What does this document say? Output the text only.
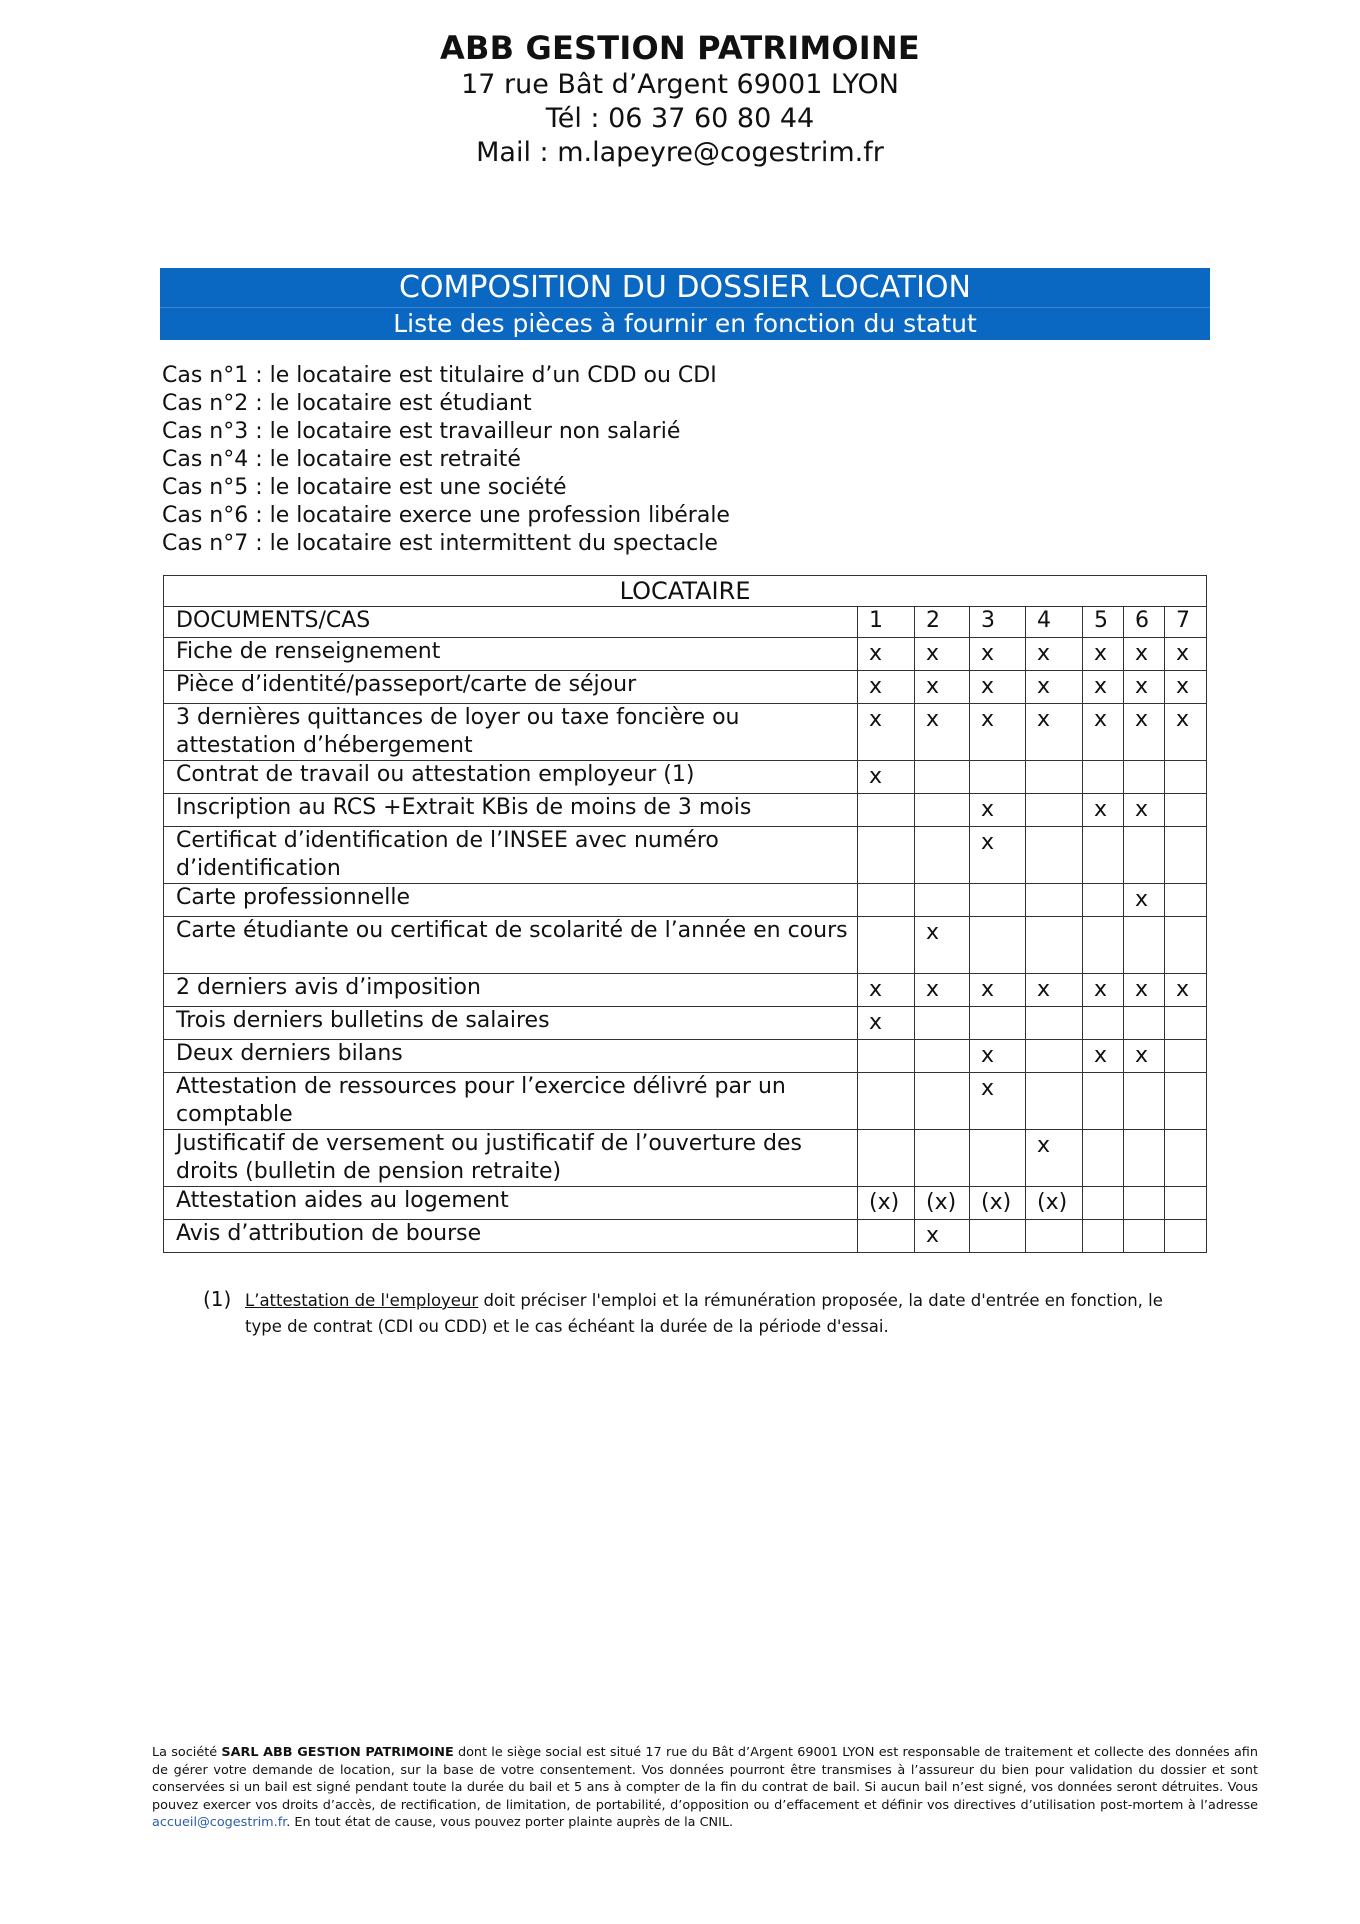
ABB GESTION PATRIMOINE
17 rue Bât d’Argent 69001 LYON
Tél : 06 37 60 80 44
Mail : m.lapeyre@cogestrim.fr
COMPOSITION DU DOSSIER LOCATION
Liste des pièces à fournir en fonction du statut
Cas n°1 : le locataire est titulaire d’un CDD ou CDI
Cas n°2 : le locataire est étudiant
Cas n°3 : le locataire est travailleur non salarié
Cas n°4 : le locataire est retraité
Cas n°5 : le locataire est une société
Cas n°6 : le locataire exerce une profession libérale
Cas n°7 : le locataire est intermittent du spectacle
LOCATAIRE							
DOCUMENTS/CAS	1	2	3	4	5	6	7
Fiche de renseignement	x	x	x	x	x	x	x
Pièce d’identité/passeport/carte de séjour	x	x	x	x	x	x	x
3 dernières quittances de loyer ou taxe foncière ou attestation d’hébergement	x	x	x	x	x	x	x
Contrat de travail ou attestation employeur (1)	x						
Inscription au RCS +Extrait KBis de moins de 3 mois			x		x	x	
Certificat d’identification de l’INSEE avec numéro d’identification			x				
Carte professionnelle						x	
Carte étudiante ou certificat de scolarité de l’année en cours		x					
2 derniers avis d’imposition	x	x	x	x	x	x	x
Trois derniers bulletins de salaires	x						
Deux derniers bilans			x		x	x	
Attestation de ressources pour l’exercice délivré par un comptable			x				
Justificatif de versement ou justificatif de l’ouverture des droits (bulletin de pension retraite)				x			
Attestation aides au logement	(x)	(x)	(x)	(x)			
Avis d’attribution de bourse		x					
(1) L’attestation de l'employeur doit préciser l'emploi et la rémunération proposée, la date d'entrée en fonction, le type de contrat (CDI ou CDD) et le cas échéant la durée de la période d'essai.
La société SARL ABB GESTION PATRIMOINE dont le siège social est situé 17 rue du Bât d’Argent 69001 LYON est responsable de traitement et collecte des données afin de gérer votre demande de location, sur la base de votre consentement. Vos données pourront être transmises à l’assureur du bien pour validation du dossier et sont conservées si un bail est signé pendant toute la durée du bail et 5 ans à compter de la fin du contrat de bail. Si aucun bail n’est signé, vos données seront détruites. Vous pouvez exercer vos droits d’accès, de rectification, de limitation, de portabilité, d’opposition ou d’effacement et définir vos directives d’utilisation post-mortem à l’adresse accueil@cogestrim.fr. En tout état de cause, vous pouvez porter plainte auprès de la CNIL.
